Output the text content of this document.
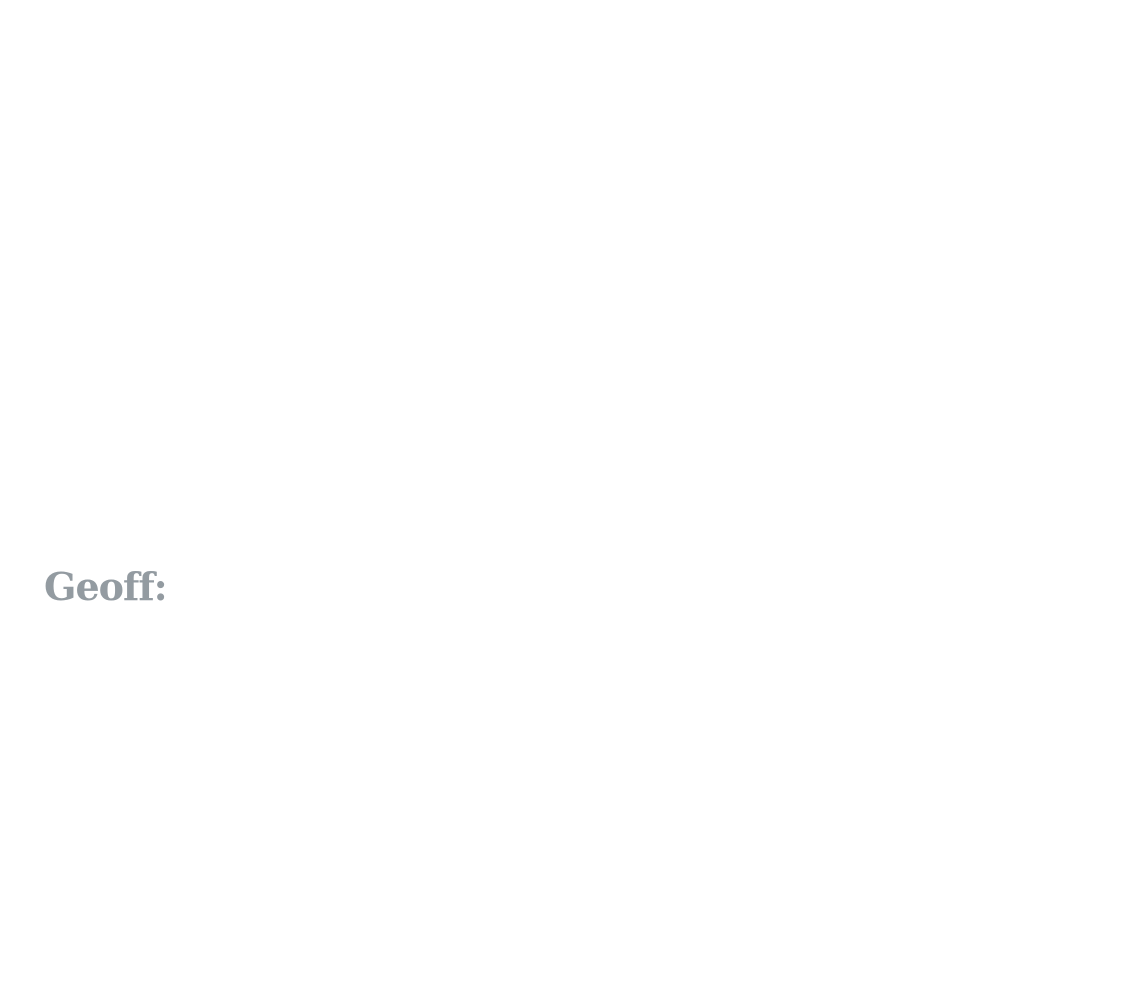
Geoff:
